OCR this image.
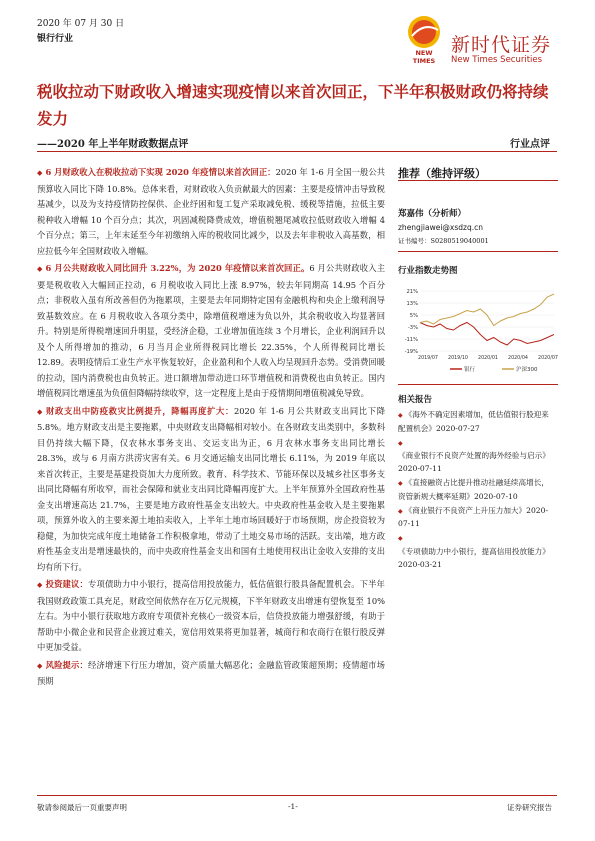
2020 年 07 月 30 日
银行行业
NEW
TIMES
新时代证券
New Times Securities
税收拉动下财政收入增速实现疫情以来首次回正，下半年积极财政仍将持续发力
——2020 年上半年财政数据点评	行业点评

◆ 6 月财政收入在税收拉动下实现 2020 年疫情以来首次回正：2020 年 1-6 月全国一般公共预算收入同比下降 10.8%。总体来看，对财政收入负贡献最大的因素：主要是疫情冲击导致税基减少，以及为支持疫情防控保供、企业纾困和复工复产采取减免税、缓税等措施，拉低主要税种收入增幅 10 个百分点；其次，巩固减税降费成效，增值税翘尾减收拉低财政收入增幅 4 个百分点；第三，上年末延至今年初缴纳入库的税收同比减少，以及去年非税收入高基数，相应拉低今年全国财政收入增幅。

◆ 6 月公共财政收入同比回升 3.22%，为 2020 年疫情以来首次回正。6 月公共财政收入主要是税收收入大幅回正拉动，6 月税收收入同比上涨 8.97%，较去年同期高 14.95 个百分点；非税收入虽有所改善但仍为拖累项，主要是去年同期特定国有金融机构和央企上缴利润导致基数效应。在 6 月税收收入各项分类中，除增值税增速为负以外，其余税收收入均显著回升。特别是所得税增速回升明显，受经济企稳，工业增加值连续 3 个月增长，企业利润回升以及个人所得增加的推动，6 月当月企业所得税同比增长 22.35%，个人所得税同比增长 12.89。表明疫情后工业生产水平恢复较好，企业盈利和个人收入均呈现回升态势。受消费回暖的拉动，国内消费税也由负转正。进口额增加带动进口环节增值税和消费税也由负转正。国内增值税同比增速虽为负值但降幅持续收窄，这一定程度上是由于疫情期间增值税减免导致。

◆ 财政支出中防疫救灾比例提升，降幅再度扩大：2020 年 1-6 月公共财政支出同比下降 5.8%。地方财政支出是主要拖累，中央财政支出降幅相对较小。在各财政支出类别中，多数科目仍持续大幅下降，仅农林水事务支出、交运支出为正，6 月农林水事务支出同比增长 28.3%，或与 6 月南方洪涝灾害有关。6 月交通运输支出同比增长 6.11%，为 2019 年底以来首次转正，主要是基建投资加大力度所致。教育、科学技术、节能环保以及城乡社区事务支出同比降幅有所收窄，而社会保障和就业支出同比降幅再度扩大。上半年预算外全国政府性基金支出增速高达 21.7%，主要是地方政府性基金支出较大。中央政府性基金收入是主要拖累项，预算外收入的主要来源土地拍卖收入，上半年土地市场回暖好于市场预期，房企投资较为稳健，为加快完成年度土地储备工作积极拿地，带动了土地交易市场的活跃。支出端，地方政府性基金支出是增速最快的，而中央政府性基金支出和国有土地使用权出让金收入安排的支出均有所下行。

◆ 投资建议：专项债助力中小银行，提高信用投放能力，低估值银行股具备配置机会。下半年我国财政政策工具充足，财政空间依然存在万亿元规模，下半年财政支出增速有望恢复至 10%左右。为中小银行获取地方政府专项债补充核心一级资本后，信贷投放能力增强舒缓，有助于帮助中小微企业和民营企业渡过难关，宽信用效果将更加显著，城商行和农商行在银行股反弹中更加受益。

◆ 风险提示：经济增速下行压力增加，资产质量大幅恶化；金融监管政策超预期；疫情超市场预期

推荐（维持评级）
郑嘉伟（分析师）
zhengjiawei@xsdzq.cn
证书编号：S0280519040001
行业指数走势图
21%
13%
5%
-3%
-11%
-19%
2019/07 2019/10 2020/01 2020/04 2020/07
银行	沪深300
相关报告
◆ 《海外不确定因素增加，低估值银行股迎来配置机会》2020-07-27
◆《商业银行不良资产处置的海外经验与启示》2020-07-11
◆ 《直接融资占比提升推动社融延续高增长，资管新规大概率延期》2020-07-10
◆ 《商业银行不良资产上升压力加大》2020-07-11
◆《专项债助力中小银行，提高信用投放能力》2020-03-21
敬请参阅最后一页重要声明	-1-	证券研究报告
